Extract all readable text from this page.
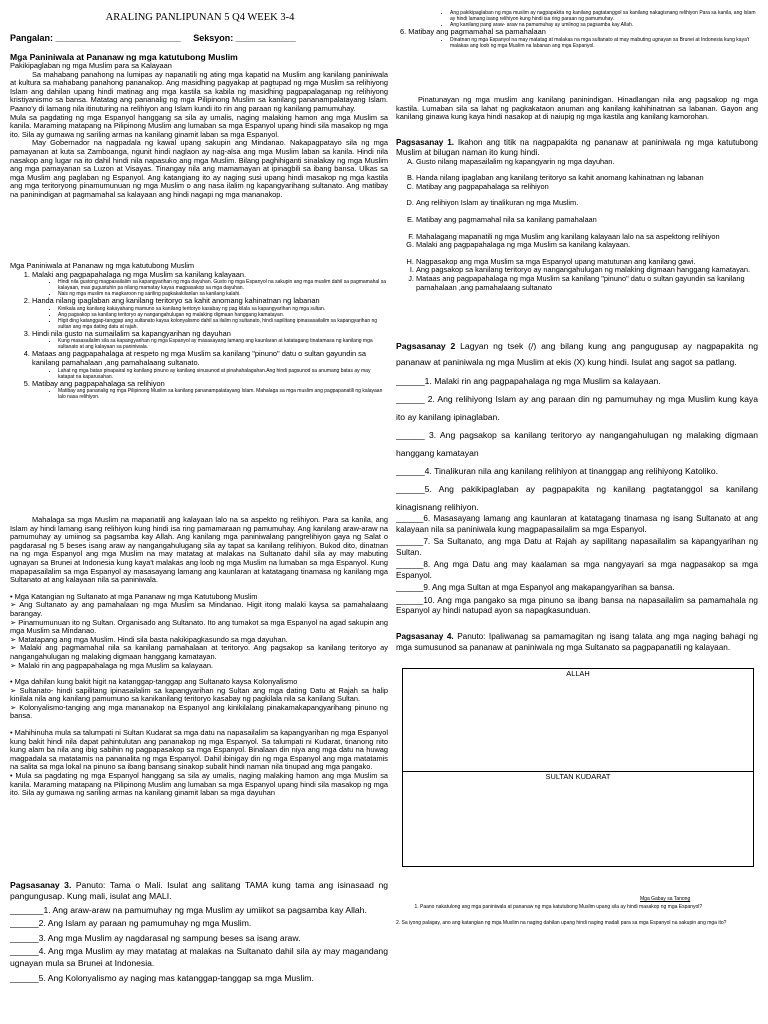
ARALING PANLIPUNAN 5 Q4 WEEK 3-4
Pangalan: _________________________ Seksyon: ____________

Mga Paniniwala at Pananaw ng mga katutubong Muslim

Pakikipaglaban ng mga Muslim para sa Kalayaan

Sa mahabang panahong na lumipas ay napanatili ng ating mga kapatid na Muslim ang kanilang paniniwala at kultura sa mahabang panahong pananakop. Ang masidhing pagyakap at pagtupad ng mga Muslim sa relihiyong Islam ang dahilan upang hindi matinag ang mga kastila sa kabila ng masidhing pagpapalaganap ng relihiyong kristiyanismo sa bansa. Matatag ang pananalig ng mga Pilipinong Muslim sa kanilang pananampalatayang Islam. Paano'y di lamang nila itinuturing na relihiyon ang Islam kundi ito rin ang paraan ng kanilang pamumuhay.

Mula sa pagdating ng mga Espanyol hanggang sa sila ay umalis, naging malaking hamon ang mga Muslim sa kanila. Maraming matapang na Pilipinong Muslim ang lumaban sa mga Espanyol upang hindi sila masakop ng mga ito. Sila ay gumawa ng sariling armas na kanilang ginamit laban sa mga Espanyol.

May Gobernador na nagpadala ng kawal upang sakupin ang Mindanao. Nakapagpatayo sila ng mga pamayanan at kuta sa Zamboanga, ngunit hindi naglaon ay nag-alsa ang mga Muslim laban sa kanila. Hindi nila nasakop ang lugar na ito dahil hindi nila napasuko ang mga Muslim. Bilang paghihiganti sinalakay ng mga Muslim ang mga pamayanan sa Luzon at Visayas. Tinangay nila ang mamamayan at ipinagbili sa ibang bansa. Ulkas sa mga Muslim ang paglaban ng Espanyol. Ang katangiang ito ay naging susi upang hindi masakop ng mga kastila ang mga teritoryong pinamumunuan ng mga Muslim o ang nasa ilalim ng kapangyarihang sultanato. Ang matibay na paninindigan at pagmamahal sa kalayaan ang hindi nagapi ng mga mananakop.

Mga Paniniwala at Pananaw ng mga katutubong Muslim

1. Malaki ang pagpapahalaga ng mga Muslim sa kanilang kalayaan.
• Hindi nila gustong magpasailalim sa kapangyarihan ng mga dayuhan. Gusto ng mga Espanyol na sakupin ang mga muslim dahil sa pagmamahal sa kalayaan, mas gugustuhin pa nilang mamatay kaysa magpasakop sa mga dayuhan.
• Nais ng mga muslim na magkaroon ng sariling pagkakakilanlan sa kanilang kalahi.
2. Handa nilang ipaglaban ang kanilang teritoryo sa kahit anomang kahinatnan ng labanan
• Kinikala ang kanilang kakayahang mamuno sa kanilang teritoryo kasabay ng pag kilala sa kapangyarihan ng mga sultan.
• Ang pagsakop sa kanilang teritoryo ay nangangahulugan ng malaking digmaan hanggang kamatayan.
• Higit ding katanggap-tanggap ang sultanato kaysa kolonyalismo dahil sa ilalim ng sultanato, hindi sapilitang ipinasasailalim sa kapangyarihan ng sultan ang mga dating datu at rajah.
3. Hindi nila gusto na sumailalim sa kapangyarihan ng dayuhan
• Kung masasailalim sila sa kapangyarihan ng mga Espanyol ay masasayang lamang ang kaunlaran at katatagang tinatamasa ng kanilang mga sultanato at ang kalayaan sa paniniwala.
4. Mataas ang pagpapahalaga at respeto ng mga Muslim sa kanilang "pinuno" datu o sultan gayundin sa kanilang pamahalaan ,ang pamahalaang sultanato.
• Lahat ng mga batas pinapairal ng kanilang pinuno ay kanilang sinusunod at pinahahalagahan.Ang hindi pagsunod sa anumang batas ay may katapat na kaparusahan.
5. Matibay ang pagpapahalaga sa relihiyon
• Matibay ang pananalig ng mga Pilipinong Muslim sa kanilang pananampalatayang Islam. Mahalaga sa mga muslim ang pagpapanatili ng kalayaan lalo nasa relihiyon.

Mahalaga sa mga Muslim na mapanatili ang kalayaan lalo na sa aspekto ng relihiyon. Para sa kanila, ang Islam ay hindi lamang isang relihiyon kung hindi isa ring pamamaraan ng pamumuhay. Ang kanilang araw-araw na pamumuhay ay umiinog sa pagsamba kay Allah. Ang kanilang mga paniniwalang pangrelihiyon gaya ng Salat o pagdarasal ng 5 beses isang araw ay nangangahulugang sila ay tapat sa kanilang relihiyon. Bukod dito, dinatnan na ng mga Espanyol ang mga Muslim na may matatag at malakas na Sultanato dahil sila ay may mabuting ugnayan sa Brunei at Indonesia kung kaya't malakas ang loob ng mga Muslim na lumaban sa mga Espanyol. Kung mapapasailalim sa mga Espanyol ay masasayang lamang ang kaunlaran at katatagang tinamasa ng kanilang mga Sultanato at ang kalayaan nila sa paniniwala.

• Mga Katangian ng Sultanato at mga Pananaw ng mga Katutubong Muslim

➢ Ang Sultanato ay ang pamahalaan ng mga Muslim sa Mindanao. Higit itong malaki kaysa sa pamahalaang barangay.

➢ Pinamumunuan ito ng Sultan. Organisado ang Sultanato. Ito ang tumakot sa mga Espanyol na agad sakupin ang mga Muslim sa Mindanao.

➢ Matatapang ang mga Muslim. Hindi sila basta nakikipagkasundo sa mga dayuhan.

➢ Malaki ang pagmamahal nila sa kanilang pamahalaan at teritoryo. Ang pagsakop sa kanilang teritoryo ay nangangahulugan ng malaking digmaan hanggang kamatayan.

➢ Malaki rin ang pagpapahalaga ng mga Muslim sa kalayaan.

• Mga dahilan kung bakit higit na katanggap-tanggap ang Sultanato kaysa Kolonyalismo

➢ Sultanato- hindi sapilitang ipinasailalim sa kapangyarihan ng Sultan ang mga dating Datu at Rajah sa halip kinilala nila ang kanilang pamumuno sa kanikanilang teritoryo kasabay ng pagkilala nila sa kanilang Sultan.

➢ Kolonyalismo-tanging ang mga mananakop na Espanyol ang kinikilalang pinakamakapangyarihang pinuno ng bansa.

• Mahihinuha mula sa talumpati ni Sultan Kudarat sa mga datu na napasailalim sa kapangyarihan ng mga Espanyol kung bakit hindi nila dapat pahintulutan ang pananakop ng mga Espanyol. Sa talumpati ni Kudarat, tinanong nito kung alam ba nila ang ibig sabihin ng pagpapasakop sa mga Espanyol. Binalaan din niya ang mga datu na huwag magpadala sa matatamis na pananalita ng mga Espanyol. Dahil ibinigay din ng mga Espanyol ang mga matatamis na salita sa mga lokal na pinuno sa ibang bansang sinakop subalit hindi naman nila tinupad ang mga pangako.

• Mula sa pagdating ng mga Espanyol hanggang sa sila ay umalis, naging malaking hamon ang mga Muslim sa kanila. Maraming matapang na Pilipinong Muslim ang lumaban sa mga Espanyol upang hindi sila masakop ng mga ito. Sila ay gumawa ng sariling armas na kanilang ginamit laban sa mga dayuhan

Pagsasanay 3. Panuto: Tama o Mali. Isulat ang salitang TAMA kung tama ang isinasaad ng pangungusap. Kung mali, isulat ang MALI.

_______1. Ang araw-araw na pamumuhay ng mga Muslim ay umiikot sa pagsamba kay Allah.

______2. Ang Islam ay paraan ng pamumuhay ng mga Muslim.

______3. Ang mga Muslim ay nagdarasal ng sampung beses sa isang araw.

______4. Ang mga Muslim ay may matatag at malakas na Sultanato dahil sila ay may magandang ugnayan mula sa Brunei at Indonesia.

______5. Ang Kolonyalismo ay naging mas katanggap-tanggap sa mga Muslim.

• Ang pakikipaglaban ng mga muslim ay nagpapakita ng kanilang pagtatanggol sa kanilang nakagisnang relihiyon Para sa kanila, ang Islam ay hindi lamang isang relihiyon kung hindi isa ring paraan ng pamumuhay.
• Ang kanilang pang araw- araw na pamumuhay ay umiinog sa pagsamba kay Allah.

6. Matibay ang pagmamahal sa pamahalaan

• Dinatnan ng mga Espanyol na may matatag at malakas na mga sultanato at may mabuting ugnayan sa Brunei at Indonesia kung kaya't malakas ang loob ng mga Muslim na labanan ang mga Espanyol.

Pinatunayan ng mga muslim ang kanilang paninindigan. Hinadlangan nila ang pagsakop ng mga kastila. Lumaban sila sa lahat ng pagkakataon anuman ang kanilang kahihinatnan sa labanan. Gayon ang kanilang ginawa kung kaya hindi nasakop at di naiupig ng mga kastila ang kanilang kamorohan.

Pagsasanay 1. Ikahon ang titik na nagpapakita ng pananaw at paniniwala ng mga katutubong Muslim at bilugan naman ito kung hindi.

A. Gusto nilang mapasailalim ng kapangyarin ng mga dayuhan.
B. Handa nilang ipaglaban ang kanilang teritoryo sa kahit anomang kahinatnan ng labanan
C. Matibay ang pagpapahalaga sa relihiyon
D. Ang relihiyon Islam ay tinalikuran ng mga Muslim.
E. Matibay ang pagmamahal nila sa kanilang pamahalaan
F. Mahalagang mapanatili ng mga Muslim ang kanilang kalayaan lalo na sa aspektong relihiyon
G. Malaki ang pagpapahalaga ng mga Muslim sa kanilang kalayaan.
H. Nagpasakop ang mga Muslim sa mga Espanyol upang matutunan ang kanilang gawi.
I. Ang pagsakop sa kanilang teritoryo ay nangangahulugan ng malaking digmaan hanggang kamatayan.
J. Mataas ang pagpapahalaga ng mga Muslim sa kanilang "pinuno" datu o sultan gayundin sa kanilang pamahalaan ,ang pamahalaang sultanato

Pagsasanay 2 Lagyan ng tsek (/) ang bilang kung ang pangugusap ay nagpapakita ng pananaw at paniniwala ng mga Muslim at ekis (X) kung hindi. Isulat ang sagot sa patlang.

______1. Malaki rin ang pagpapahalaga ng mga Muslim sa kalayaan.

______ 2. Ang relihiyong Islam ay ang paraan din ng pamumuhay ng mga Muslim kung kaya ito ay kanilang ipinaglaban.

______ 3. Ang pagsakop sa kanilang teritoryo ay nangangahulugan ng malaking digmaan hanggang kamatayan

______4. Tinalikuran nila ang kanilang relihiyon at tinanggap ang relihiyong Katoliko.

______5. Ang pakikipaglaban ay pagpapakita ng kanilang pagtatanggol sa kanilang kinagisnang relihiyon.

______6. Masasayang lamang ang kaunlaran at katatagang tinamasa ng isang Sultanato at ang kalayaan nila sa paniniwala kung magpapasailalim sa mga Espanyol.

______7. Sa Sultanato, ang mga Datu at Rajah ay sapilitang napasailalim sa kapangyarihan ng Sultan.

______8. Ang mga Datu ang may kaalaman sa mga nangyayari sa mga nagpasakop sa mga Espanyol.

______9. Ang mga Sultan at mga Espanyol ang makapangyarihan sa bansa.

______10. Ang mga pangako sa mga pinuno sa ibang bansa na napasailalim sa pamamahala ng Espanyol ay hindi natupad ayon sa napagkasunduan.

Pagsasanay 4. Panuto: Ipaliwanag sa pamamagitan ng isang talata ang mga naging bahagi ng mga sumusunod sa pananaw at paniniwala ng mga Sultanato sa pagpapanatili ng kalayaan.

ALLAH
SULTAN KUDARAT

Mga Gabay sa Tanong

1. Paano nakatulong ang mga paniniwala at pananaw ng mga katutubong Muslim upang sila ay hindi masakop ng mga Espanyol?

2. Sa iyong palagay, ano ang katangian ng mga Muslim na naging dahilan upang hindi naging madali para sa mga Espanyol na sakupin ang mga ito?
